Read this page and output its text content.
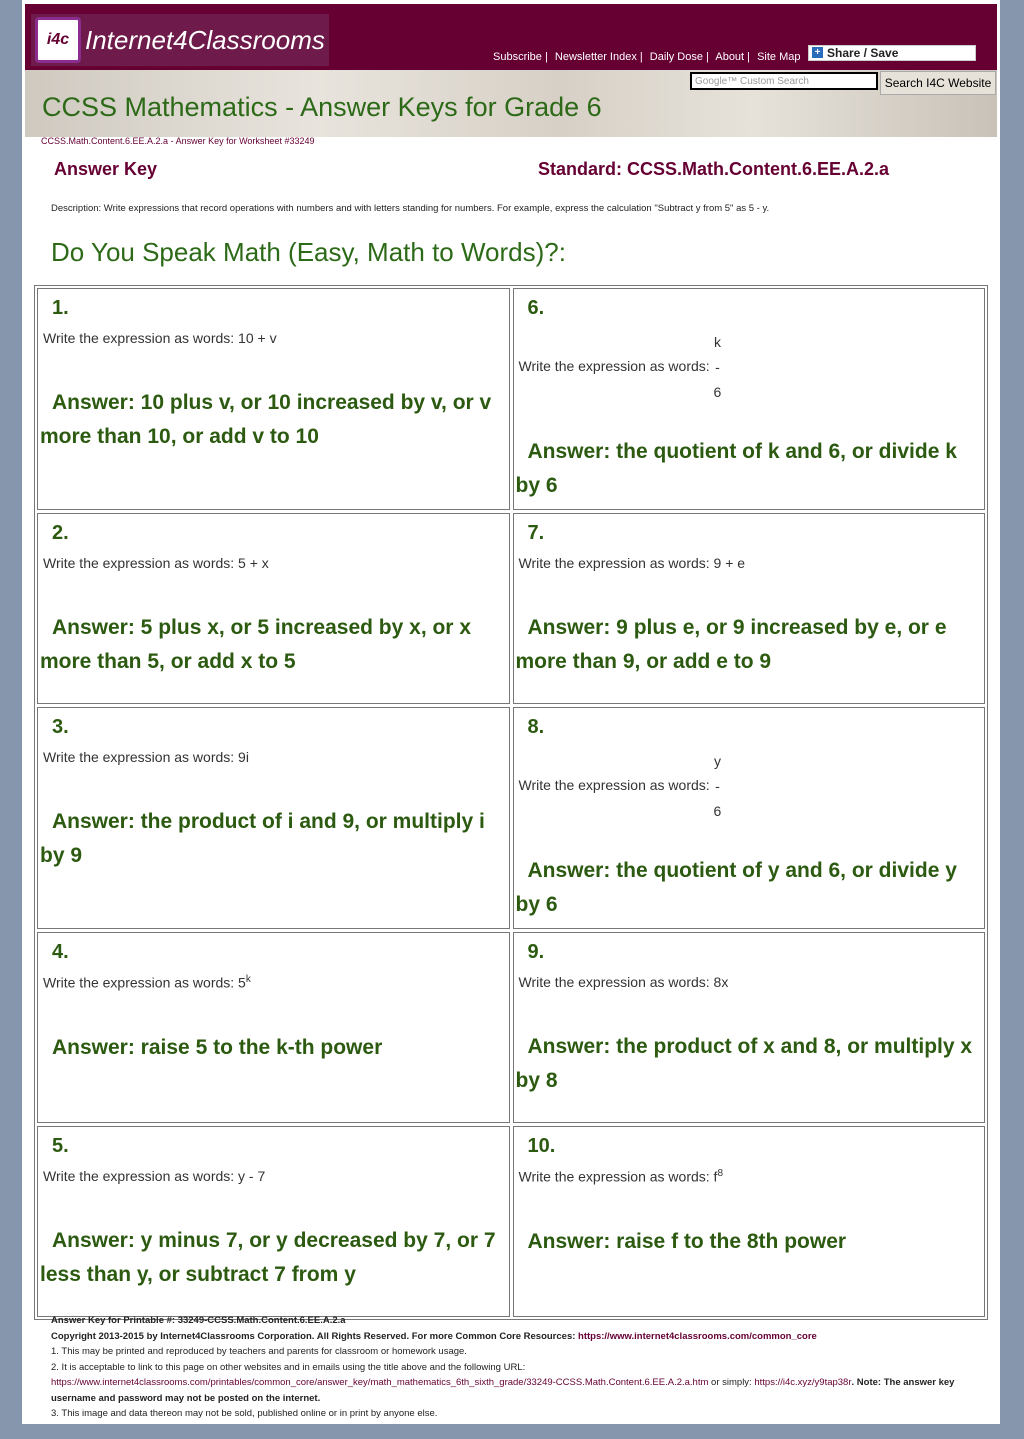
i4c Internet4Classrooms
Subscribe | Newsletter Index | Daily Dose | About | Site Map	+ Share / Save
Google™ Custom Search	Search I4C Website
CCSS Mathematics - Answer Keys for Grade 6
CCSS.Math.Content.6.EE.A.2.a - Answer Key for Worksheet #33249
Answer Key	Standard: CCSS.Math.Content.6.EE.A.2.a
Description: Write expressions that record operations with numbers and with letters standing for numbers. For example, express the calculation "Subtract y from 5" as 5 - y.
Do You Speak Math (Easy, Math to Words)?:
1.
Write the expression as words: 10 + v
Answer: 10 plus v, or 10 increased by v, or v more than 10, or add v to 10
6.
Write the expression as words:
k
-
6
Answer: the quotient of k and 6, or divide k by 6
2.
Write the expression as words: 5 + x
Answer: 5 plus x, or 5 increased by x, or x more than 5, or add x to 5
7.
Write the expression as words: 9 + e
Answer: 9 plus e, or 9 increased by e, or e more than 9, or add e to 9
3.
Write the expression as words: 9i
Answer: the product of i and 9, or multiply i by 9
8.
Write the expression as words:
y
-
6
Answer: the quotient of y and 6, or divide y by 6
4.
Write the expression as words: 5$^k$
Answer: raise 5 to the k-th power
9.
Write the expression as words: 8x
Answer: the product of x and 8, or multiply x by 8
5.
Write the expression as words: y - 7
Answer: y minus 7, or y decreased by 7, or 7 less than y, or subtract 7 from y
10.
Write the expression as words: $f^8$
Answer: raise f to the 8th power
Answer Key for Printable #: 33249-CCSS.Math.Content.6.EE.A.2.a
Copyright 2013-2015 by Internet4Classrooms Corporation. All Rights Reserved. For more Common Core Resources: https://www.internet4classrooms.com/common_core
1. This may be printed and reproduced by teachers and parents for classroom or homework usage.
2. It is acceptable to link to this page on other websites and in emails using the title above and the following URL:
https://www.internet4classrooms.com/printables/common_core/answer_key/math_mathematics_6th_sixth_grade/33249-CCSS.Math.Content.6.EE.A.2.a.htm or simply: https://i4c.xyz/y9tap38r. Note: The answer key username and password may not be posted on the internet.
3. This image and data thereon may not be sold, published online or in print by anyone else.
